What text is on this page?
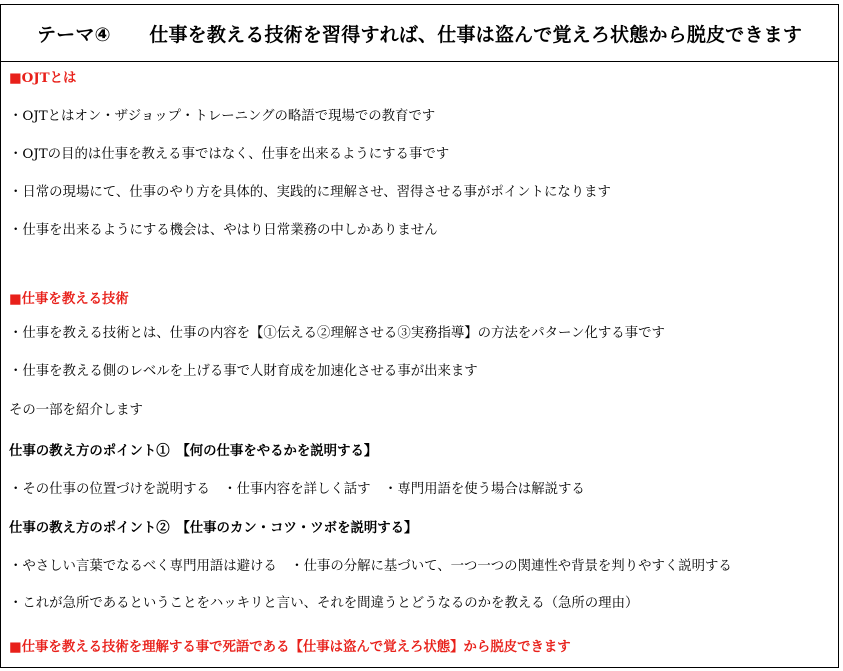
テーマ④　　仕事を教える技術を習得すれば、仕事は盗んで覚えろ状態から脱皮できます
■OJTとは
・OJTとはオン・ザジョップ・トレーニングの略語で現場での教育です
・OJTの目的は仕事を教える事ではなく、仕事を出来るようにする事です
・日常の現場にて、仕事のやり方を具体的、実践的に理解させ、習得させる事がポイントになります
・仕事を出来るようにする機会は、やはり日常業務の中しかありません
■仕事を教える技術
・仕事を教える技術とは、仕事の内容を【①伝える②理解させる③実務指導】の方法をパターン化する事です
・仕事を教える側のレベルを上げる事で人財育成を加速化させる事が出来ます
その一部を紹介します
仕事の教え方のポイント①　【何の仕事をやるかを説明する】
・その仕事の位置づけを説明する　・仕事内容を詳しく話す　・専門用語を使う場合は解説する
仕事の教え方のポイント②　【仕事のカン・コツ・ツボを説明する】
・やさしい言葉でなるべく専門用語は避ける　・仕事の分解に基づいて、一つ一つの関連性や背景を判りやすく説明する
・これが急所であるということをハッキリと言い、それを間違うとどうなるのかを教える（急所の理由）
■仕事を教える技術を理解する事で死語である【仕事は盗んで覚えろ状態】から脱皮できます
